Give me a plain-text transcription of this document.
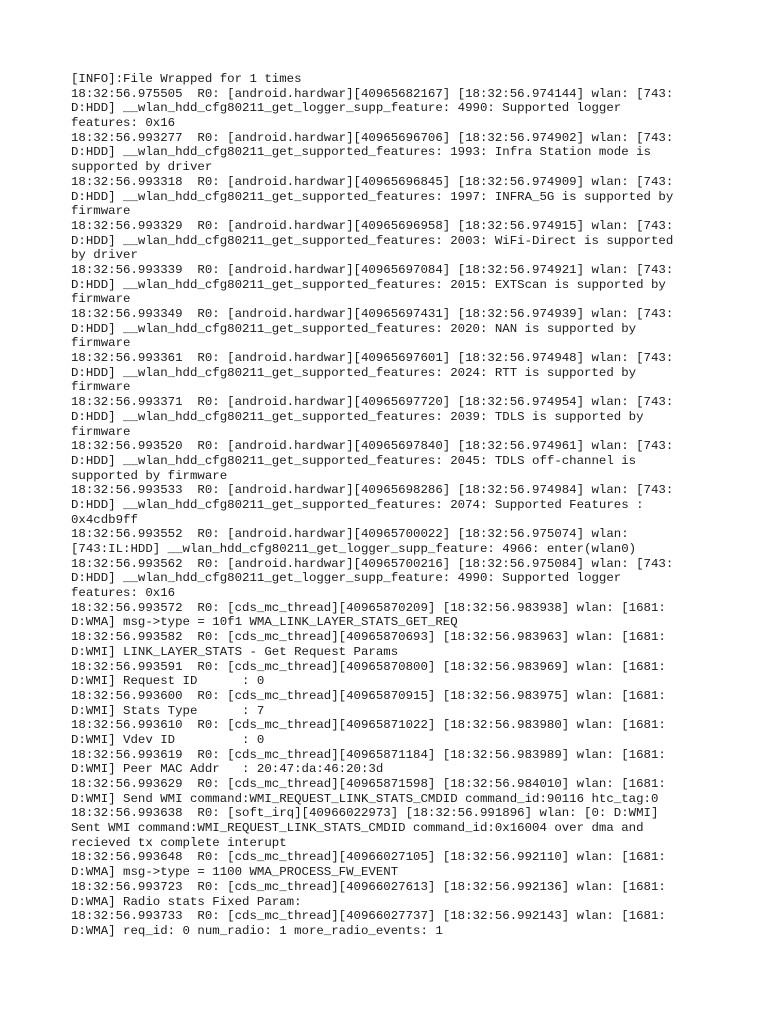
[INFO]:File Wrapped for 1 times
18:32:56.975505  R0: [android.hardwar][40965682167] [18:32:56.974144] wlan: [743:
D:HDD] __wlan_hdd_cfg80211_get_logger_supp_feature: 4990: Supported logger
features: 0x16
18:32:56.993277  R0: [android.hardwar][40965696706] [18:32:56.974902] wlan: [743:
D:HDD] __wlan_hdd_cfg80211_get_supported_features: 1993: Infra Station mode is
supported by driver
18:32:56.993318  R0: [android.hardwar][40965696845] [18:32:56.974909] wlan: [743:
D:HDD] __wlan_hdd_cfg80211_get_supported_features: 1997: INFRA_5G is supported by
firmware
18:32:56.993329  R0: [android.hardwar][40965696958] [18:32:56.974915] wlan: [743:
D:HDD] __wlan_hdd_cfg80211_get_supported_features: 2003: WiFi-Direct is supported
by driver
18:32:56.993339  R0: [android.hardwar][40965697084] [18:32:56.974921] wlan: [743:
D:HDD] __wlan_hdd_cfg80211_get_supported_features: 2015: EXTScan is supported by
firmware
18:32:56.993349  R0: [android.hardwar][40965697431] [18:32:56.974939] wlan: [743:
D:HDD] __wlan_hdd_cfg80211_get_supported_features: 2020: NAN is supported by
firmware
18:32:56.993361  R0: [android.hardwar][40965697601] [18:32:56.974948] wlan: [743:
D:HDD] __wlan_hdd_cfg80211_get_supported_features: 2024: RTT is supported by
firmware
18:32:56.993371  R0: [android.hardwar][40965697720] [18:32:56.974954] wlan: [743:
D:HDD] __wlan_hdd_cfg80211_get_supported_features: 2039: TDLS is supported by
firmware
18:32:56.993520  R0: [android.hardwar][40965697840] [18:32:56.974961] wlan: [743:
D:HDD] __wlan_hdd_cfg80211_get_supported_features: 2045: TDLS off-channel is
supported by firmware
18:32:56.993533  R0: [android.hardwar][40965698286] [18:32:56.974984] wlan: [743:
D:HDD] __wlan_hdd_cfg80211_get_supported_features: 2074: Supported Features :
0x4cdb9ff
18:32:56.993552  R0: [android.hardwar][40965700022] [18:32:56.975074] wlan:
[743:IL:HDD] __wlan_hdd_cfg80211_get_logger_supp_feature: 4966: enter(wlan0)
18:32:56.993562  R0: [android.hardwar][40965700216] [18:32:56.975084] wlan: [743:
D:HDD] __wlan_hdd_cfg80211_get_logger_supp_feature: 4990: Supported logger
features: 0x16
18:32:56.993572  R0: [cds_mc_thread][40965870209] [18:32:56.983938] wlan: [1681:
D:WMA] msg->type = 10f1 WMA_LINK_LAYER_STATS_GET_REQ
18:32:56.993582  R0: [cds_mc_thread][40965870693] [18:32:56.983963] wlan: [1681:
D:WMI] LINK_LAYER_STATS - Get Request Params
18:32:56.993591  R0: [cds_mc_thread][40965870800] [18:32:56.983969] wlan: [1681:
D:WMI] Request ID      : 0
18:32:56.993600  R0: [cds_mc_thread][40965870915] [18:32:56.983975] wlan: [1681:
D:WMI] Stats Type      : 7
18:32:56.993610  R0: [cds_mc_thread][40965871022] [18:32:56.983980] wlan: [1681:
D:WMI] Vdev ID         : 0
18:32:56.993619  R0: [cds_mc_thread][40965871184] [18:32:56.983989] wlan: [1681:
D:WMI] Peer MAC Addr   : 20:47:da:46:20:3d
18:32:56.993629  R0: [cds_mc_thread][40965871598] [18:32:56.984010] wlan: [1681:
D:WMI] Send WMI command:WMI_REQUEST_LINK_STATS_CMDID command_id:90116 htc_tag:0
18:32:56.993638  R0: [soft_irq][40966022973] [18:32:56.991896] wlan: [0: D:WMI]
Sent WMI command:WMI_REQUEST_LINK_STATS_CMDID command_id:0x16004 over dma and
recieved tx complete interupt
18:32:56.993648  R0: [cds_mc_thread][40966027105] [18:32:56.992110] wlan: [1681:
D:WMA] msg->type = 1100 WMA_PROCESS_FW_EVENT
18:32:56.993723  R0: [cds_mc_thread][40966027613] [18:32:56.992136] wlan: [1681:
D:WMA] Radio stats Fixed Param:
18:32:56.993733  R0: [cds_mc_thread][40966027737] [18:32:56.992143] wlan: [1681:
D:WMA] req_id: 0 num_radio: 1 more_radio_events: 1
